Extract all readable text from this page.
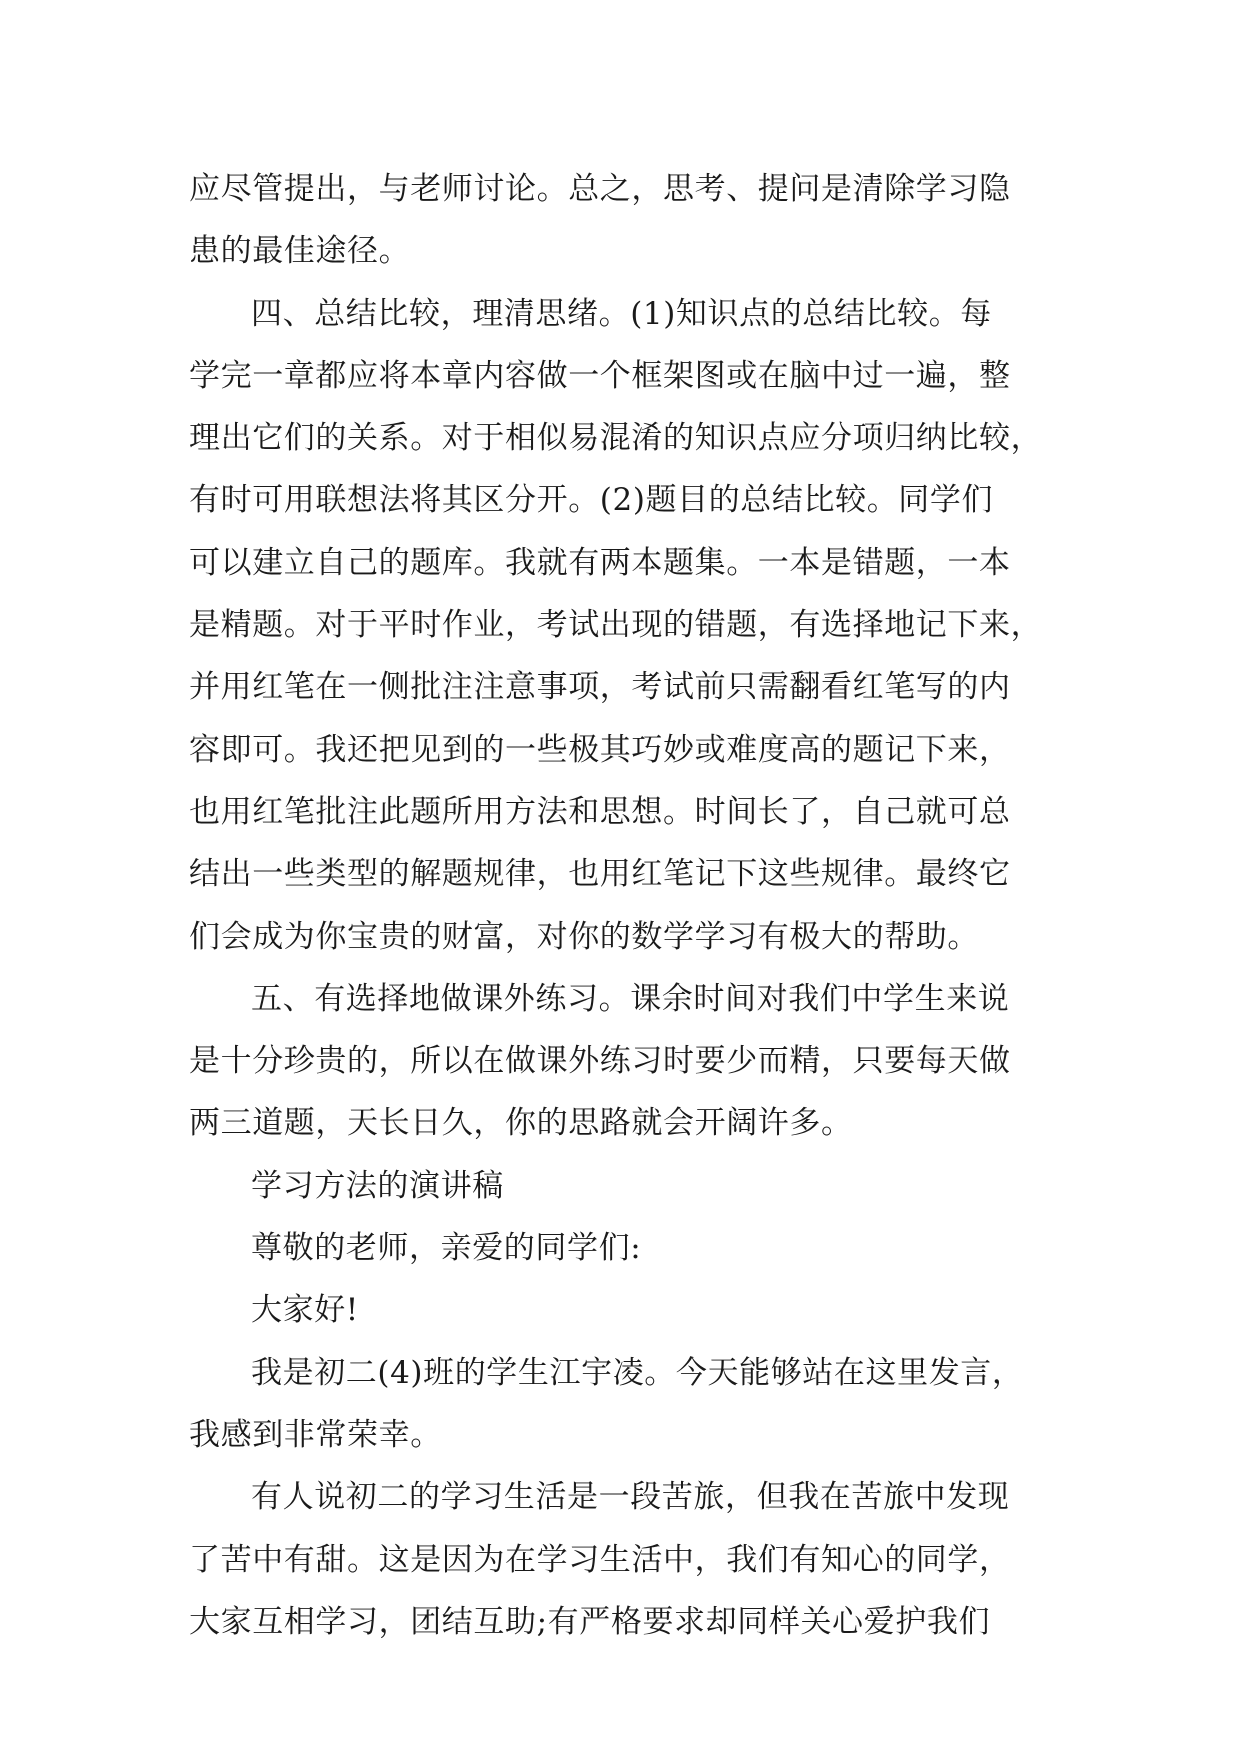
应尽管提出，与老师讨论。总之，思考、提问是清除学习隐
患的最佳途径。
四、总结比较，理清思绪。(1)知识点的总结比较。每
学完一章都应将本章内容做一个框架图或在脑中过一遍，整
理出它们的关系。对于相似易混淆的知识点应分项归纳比较，
有时可用联想法将其区分开。(2)题目的总结比较。同学们
可以建立自己的题库。我就有两本题集。一本是错题，一本
是精题。对于平时作业，考试出现的错题，有选择地记下来，
并用红笔在一侧批注注意事项，考试前只需翻看红笔写的内
容即可。我还把见到的一些极其巧妙或难度高的题记下来，
也用红笔批注此题所用方法和思想。时间长了，自己就可总
结出一些类型的解题规律，也用红笔记下这些规律。最终它
们会成为你宝贵的财富，对你的数学学习有极大的帮助。
五、有选择地做课外练习。课余时间对我们中学生来说
是十分珍贵的，所以在做课外练习时要少而精，只要每天做
两三道题，天长日久，你的思路就会开阔许多。
学习方法的演讲稿
尊敬的老师，亲爱的同学们:
大家好!
我是初二(4)班的学生江宇凌。今天能够站在这里发言，
我感到非常荣幸。
有人说初二的学习生活是一段苦旅，但我在苦旅中发现
了苦中有甜。这是因为在学习生活中，我们有知心的同学，
大家互相学习，团结互助;有严格要求却同样关心爱护我们
